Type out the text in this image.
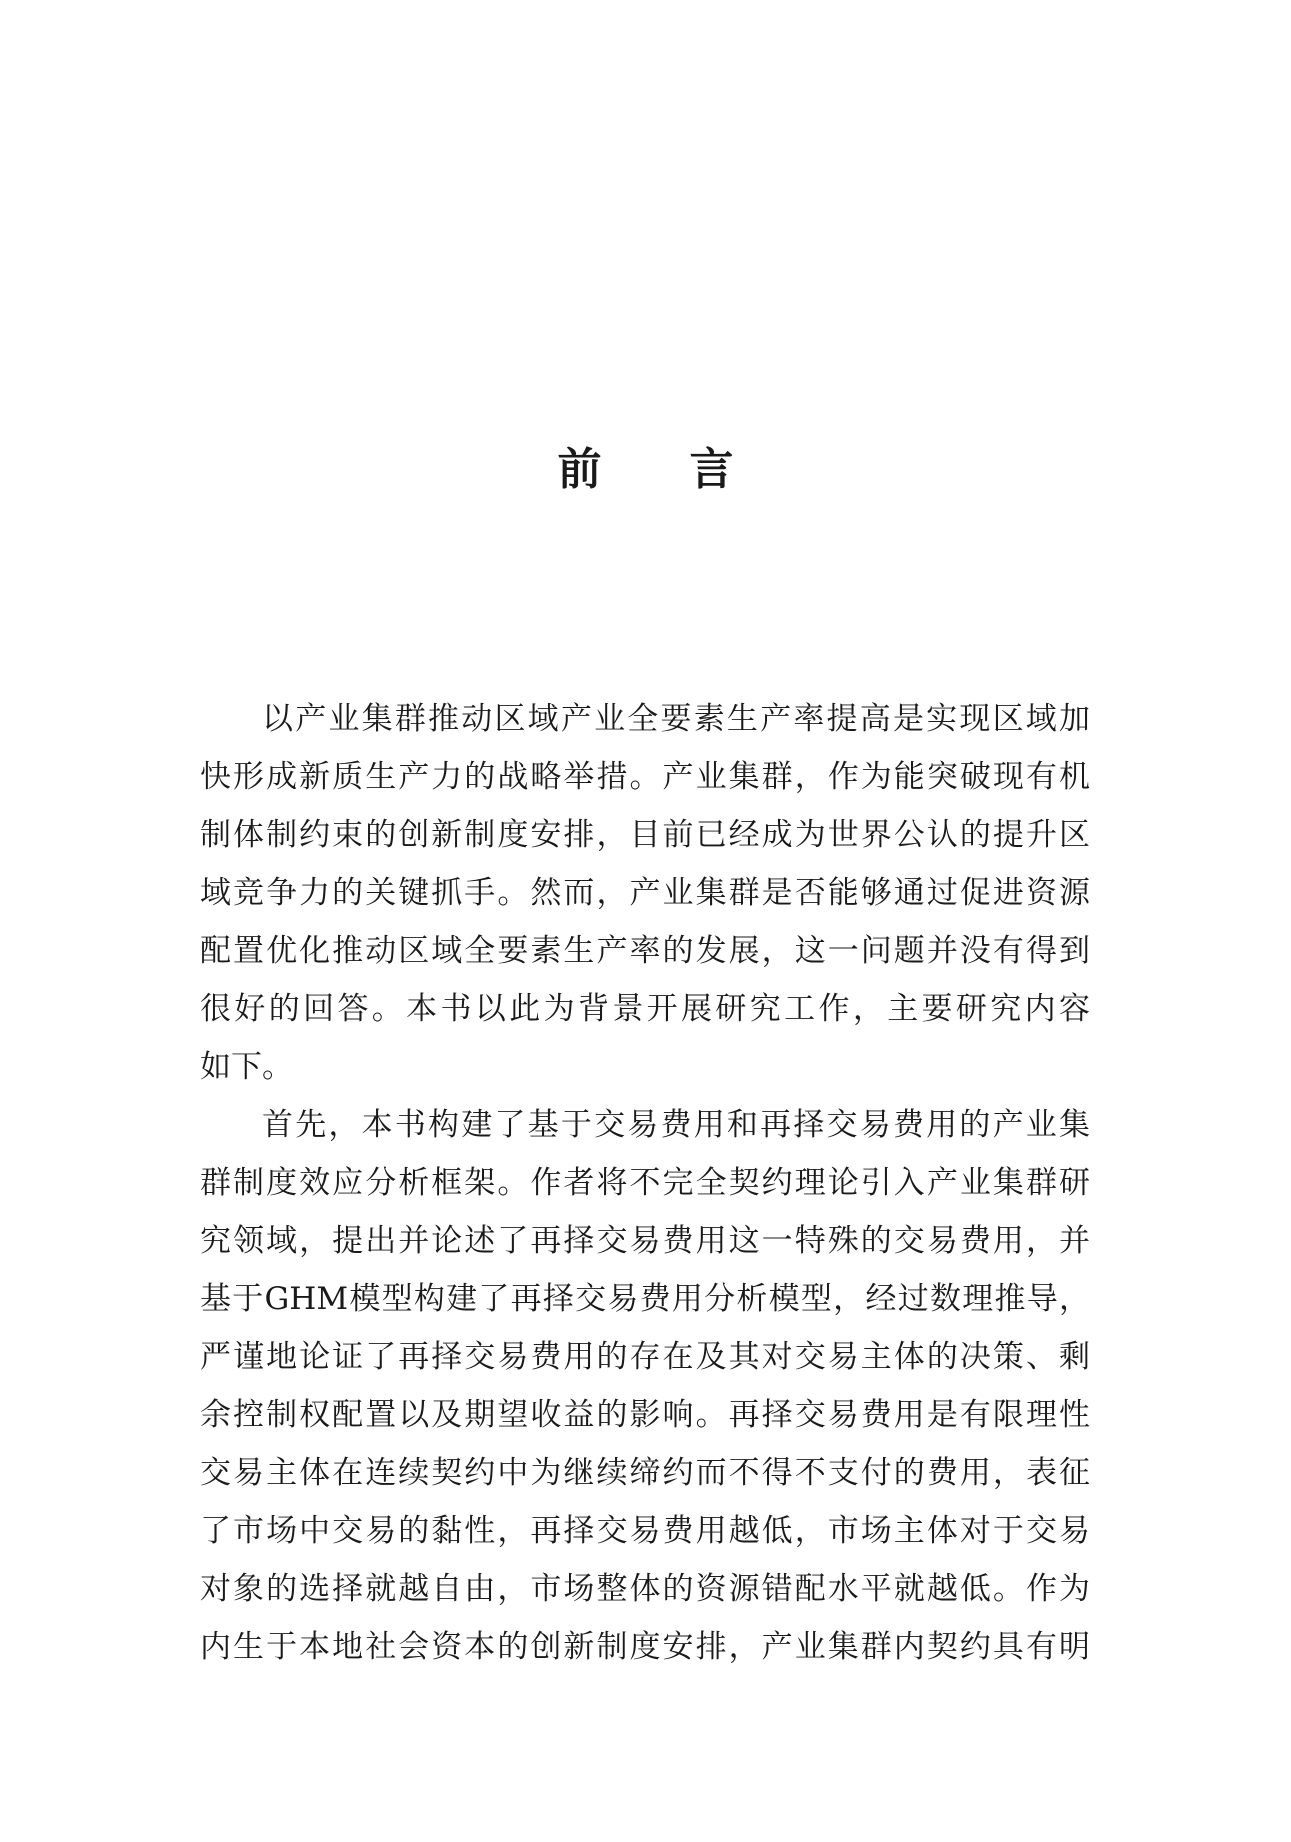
前 言
以产业集群推动区域产业全要素生产率提高是实现区域加
快形成新质生产力的战略举措。产业集群，作为能突破现有机
制体制约束的创新制度安排，目前已经成为世界公认的提升区
域竞争力的关键抓手。然而，产业集群是否能够通过促进资源
配置优化推动区域全要素生产率的发展，这一问题并没有得到
很好的回答。本书以此为背景开展研究工作，主要研究内容
如下。
首先，本书构建了基于交易费用和再择交易费用的产业集
群制度效应分析框架。作者将不完全契约理论引入产业集群研
究领域，提出并论述了再择交易费用这一特殊的交易费用，并
基于GHM模型构建了再择交易费用分析模型，经过数理推导，
严谨地论证了再择交易费用的存在及其对交易主体的决策、剩
余控制权配置以及期望收益的影响。再择交易费用是有限理性
交易主体在连续契约中为继续缔约而不得不支付的费用，表征
了市场中交易的黏性，再择交易费用越低，市场主体对于交易
对象的选择就越自由，市场整体的资源错配水平就越低。作为
内生于本地社会资本的创新制度安排，产业集群内契约具有明
